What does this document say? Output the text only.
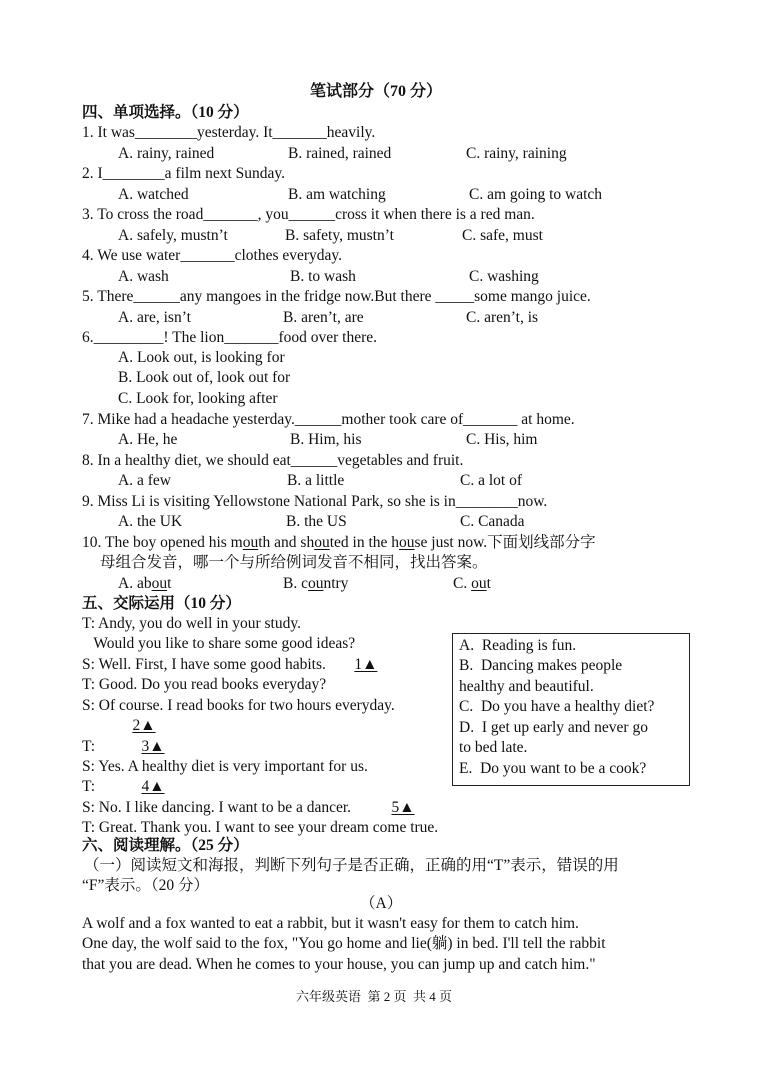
笔试部分（70 分）
四、单项选择。（10 分）
1. It was________yesterday. It_______heavily.
A. rainy, rained	B. rained, rained	C. rainy, raining
2. I________a film next Sunday.
A. watched	B. am watching	C. am going to watch
3. To cross the road_______, you______cross it when there is a red man.
A. safely, mustn’t	B. safety, mustn’t	C. safe, must
4. We use water_______clothes everyday.
A. wash	B. to wash	C. washing
5. There______any mangoes in the fridge now.But there _____some mango juice.
A. are, isn’t	B. aren’t, are	C. aren’t, is
6._________! The lion_______food over there.
A. Look out, is looking for
B. Look out of, look out for
C. Look for, looking after
7. Mike had a headache yesterday.______mother took care of_______ at home.
A. He, he	B. Him, his	C. His, him
8. In a healthy diet, we should eat______vegetables and fruit.
A. a few	B. a little	C. a lot of
9. Miss Li is visiting Yellowstone National Park, so she is in________now.
A. the UK	B. the US	C. Canada
10. The boy opened his mouth and shouted in the house just now.下面划线部分字
母组合发音，哪一个与所给例词发音不相同，找出答案。
A. about	B. country	C. out
五、交际运用（10 分）
T: Andy, you do well in your study.
Would you like to share some good ideas?
S: Well. First, I have some good habits. 1▲
T: Good. Do you read books everyday?
S: Of course. I read books for two hours everyday.
2▲
T:	3▲
S: Yes. A healthy diet is very important for us.
T:	4▲
S: No. I like dancing. I want to be a dancer.	5▲
T: Great. Thank you. I want to see your dream come true.
A.  Reading is fun.
B.  Dancing makes people
healthy and beautiful.
C.  Do you have a healthy diet?
D.  I get up early and never go
to bed late.
E.  Do you want to be a cook?
六、阅读理解。（25 分）
（一）阅读短文和海报，判断下列句子是否正确，正确的用“T”表示，错误的用
“F”表示。（20 分）
（A）
A wolf and a fox wanted to eat a rabbit, but it wasn't easy for them to catch him.
One day, the wolf said to the fox, "You go home and lie(躺) in bed. I'll tell the rabbit
that you are dead. When he comes to your house, you can jump up and catch him."
六年级英语  第 2 页  共 4 页
